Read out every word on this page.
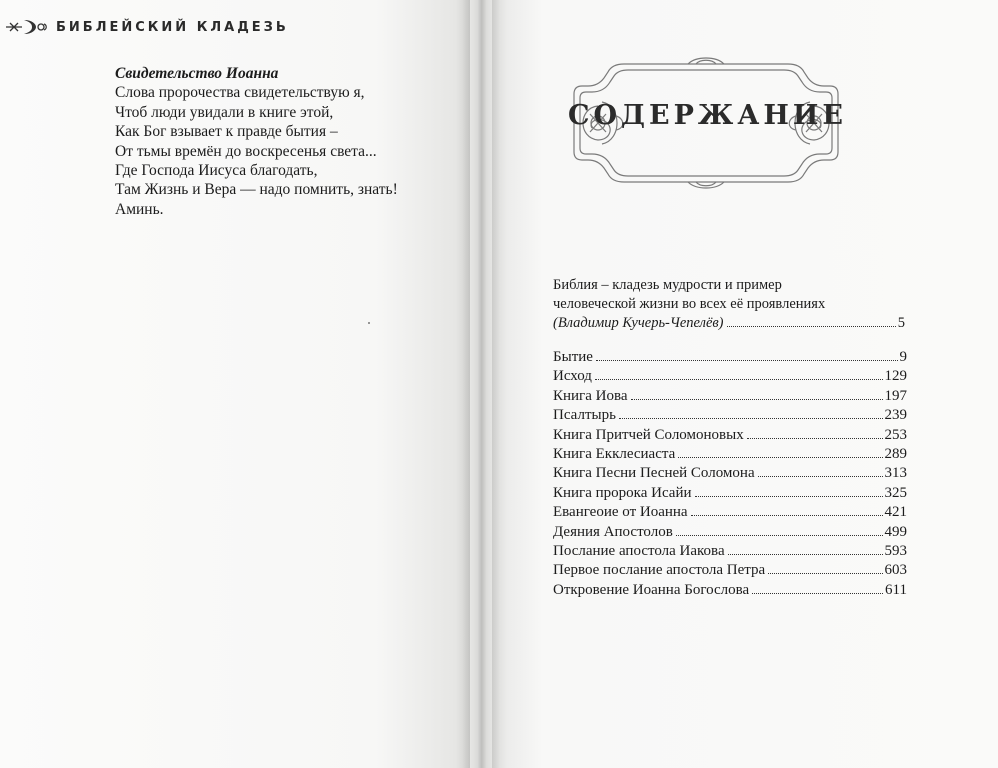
БИБЛЕЙСКИЙ КЛАДЕЗЬ
Свидетельство Иоанна
Слова пророчества свидетельствую я,
Чтоб люди увидали в книге этой,
Как Бог взывает к правде бытия –
От тьмы времён до воскресенья света...
Где Господа Иисуса благодать,
Там Жизнь и Вера — надо помнить, знать!
Аминь.
СОДЕРЖАНИЕ
Библия – кладезь мудрости и пример
человеческой жизни во всех её проявлениях
(Владимир Кучерь-Чепелёв)	5
Бытие	9
Исход	129
Книга Иова	197
Псалтырь	239
Книга Притчей Соломоновых	253
Книга Екклесиаста	289
Книга Песни Песней Соломона	313
Книга пророка Исайи	325
Евангеоие от Иоанна	421
Деяния Апостолов	499
Послание апостола Иакова	593
Первое послание апостола Петра	603
Откровение Иоанна Богослова	611
